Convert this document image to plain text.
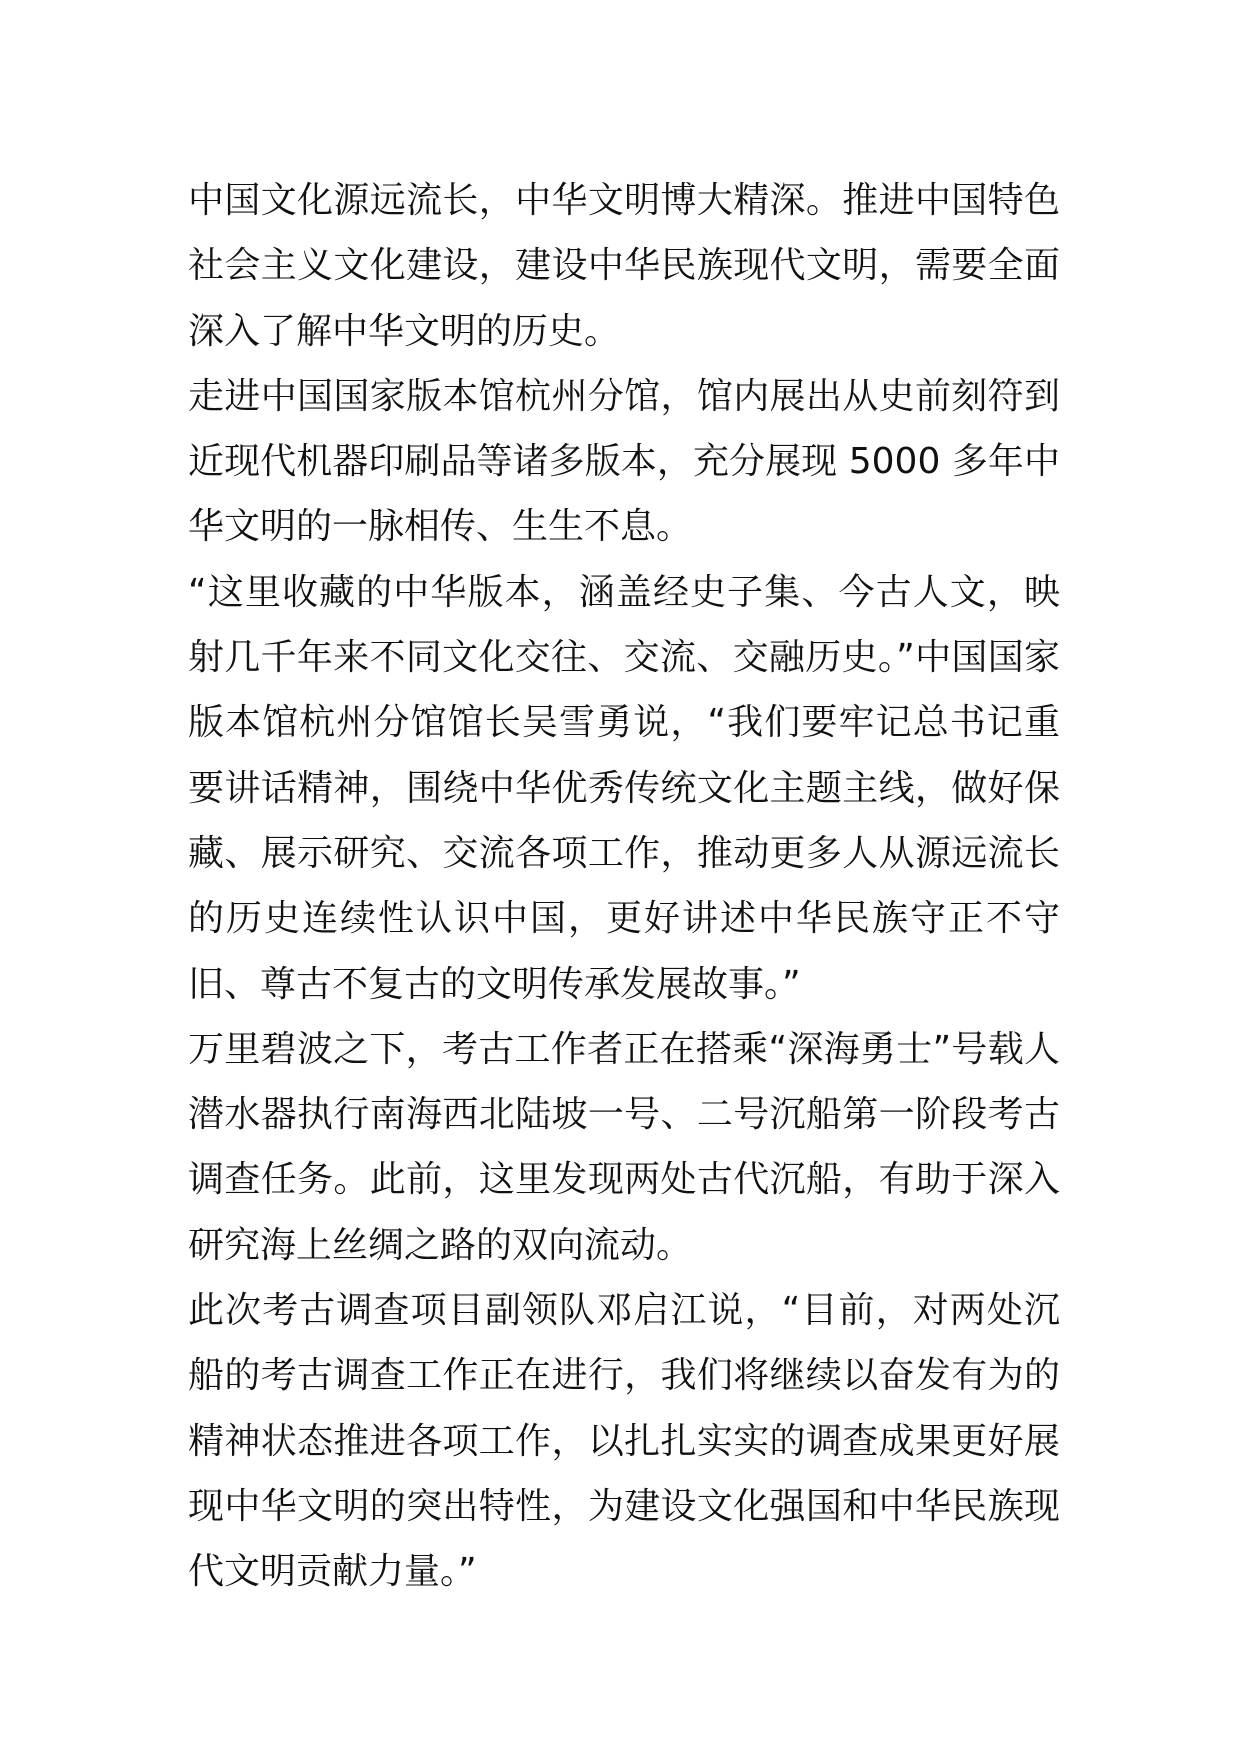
中国文化源远流长，中华文明博大精深。推进中国特色社会主义文化建设，建设中华民族现代文明，需要全面深入了解中华文明的历史。

走进中国国家版本馆杭州分馆，馆内展出从史前刻符到近现代机器印刷品等诸多版本，充分展现 5000 多年中华文明的一脉相传、生生不息。

“这里收藏的中华版本，涵盖经史子集、今古人文，映射几千年来不同文化交往、交流、交融历史。”中国国家版本馆杭州分馆馆长吴雪勇说，“我们要牢记总书记重要讲话精神，围绕中华优秀传统文化主题主线，做好保藏、展示研究、交流各项工作，推动更多人从源远流长的历史连续性认识中国，更好讲述中华民族守正不守旧、尊古不复古的文明传承发展故事。”

万里碧波之下，考古工作者正在搭乘“深海勇士”号载人潜水器执行南海西北陆坡一号、二号沉船第一阶段考古调查任务。此前，这里发现两处古代沉船，有助于深入研究海上丝绸之路的双向流动。

此次考古调查项目副领队邓启江说，“目前，对两处沉船的考古调查工作正在进行，我们将继续以奋发有为的精神状态推进各项工作，以扎扎实实的调查成果更好展现中华文明的突出特性，为建设文化强国和中华民族现代文明贡献力量。”
